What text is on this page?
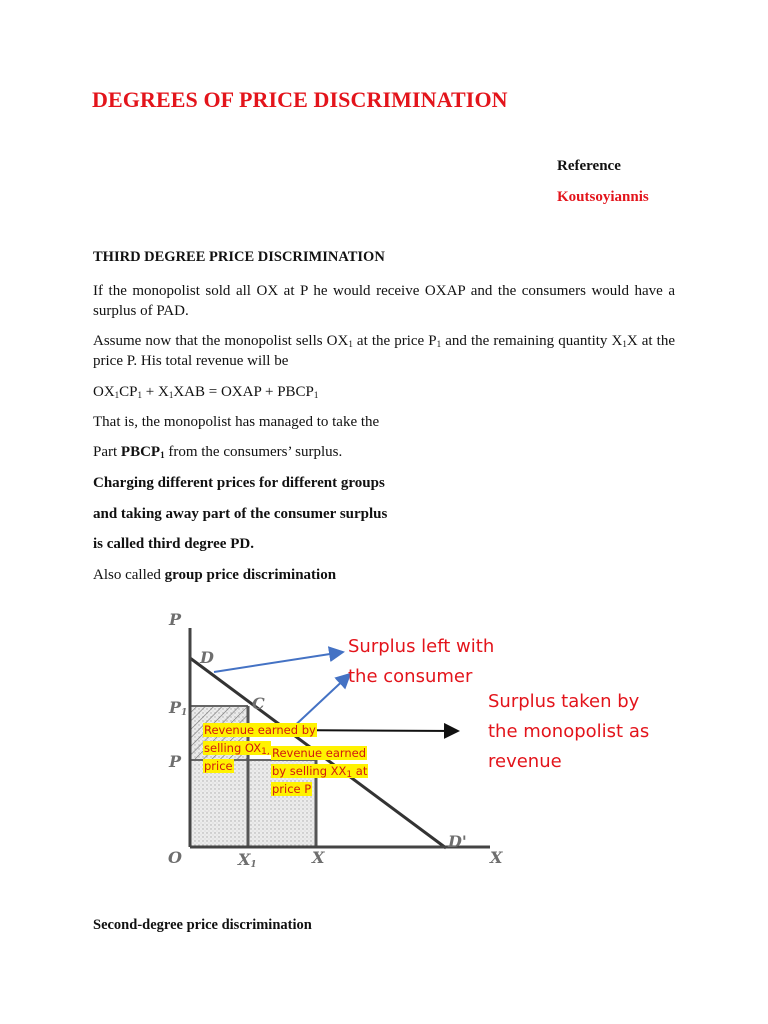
DEGREES OF PRICE DISCRIMINATION
Reference
Koutsoyiannis
THIRD DEGREE PRICE DISCRIMINATION
If the monopolist sold all OX at P he would receive OXAP and the consumers would have a surplus of PAD.
Assume now that the monopolist sells $OX_1$ at the price $P_1$ and the remaining quantity $X_1X$ at the price P. His total revenue will be
$OX_1CP_1 + X_1XAB$ = OXAP + $PBCP_1$
That is, the monopolist has managed to take the
Part $PBCP_1$ from the consumers’ surplus.
Charging different prices for different groups
and taking away part of the consumer surplus
is called third degree PD.
Also called group price discrimination
P
D
$P_1$	C
P
O	$X_1$	X
D'
X
Revenue earned by
selling $OX_{1,}$
price
Revenue earned
by selling $XX_1$ at
price P
Surplus left with
the consumer
Surplus taken by
the monopolist as
revenue
Second-degree price discrimination
